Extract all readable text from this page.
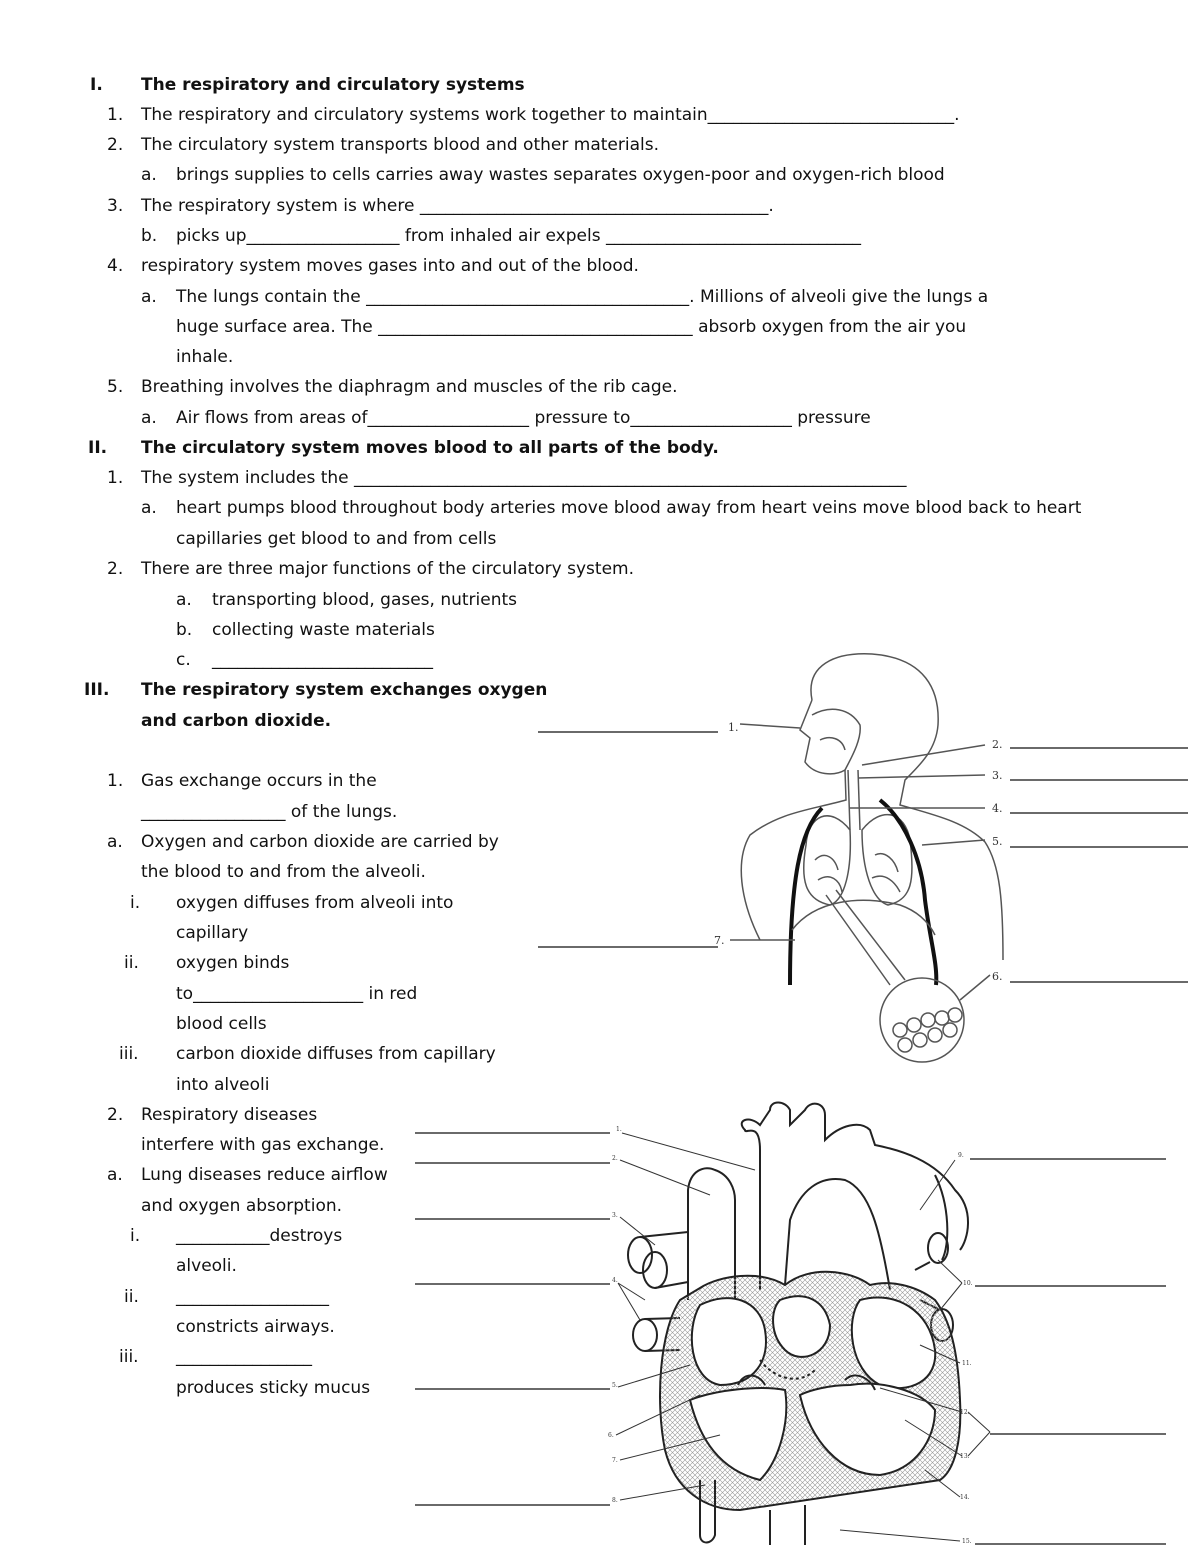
I. The respiratory and circulatory systems
1. The respiratory and circulatory systems work together to maintain_____________________________.
2. The circulatory system transports blood and other materials.
a. brings supplies to cells carries away wastes separates oxygen-poor and oxygen-rich blood
3. The respiratory system is where _________________________________________.
b. picks up__________________ from inhaled air expels ______________________________
4. respiratory system moves gases into and out of the blood.
a. The lungs contain the ______________________________________. Millions of alveoli give the lungs a
huge surface area. The _____________________________________ absorb oxygen from the air you
inhale.
5. Breathing involves the diaphragm and muscles of the rib cage.
a. Air flows from areas of___________________ pressure to___________________ pressure
II. The circulatory system moves blood to all parts of the body.
1. The system includes the _________________________________________________________________
a. heart pumps blood throughout body arteries move blood away from heart veins move blood back to heart
capillaries get blood to and from cells
2. There are three major functions of the circulatory system.
a. transporting blood, gases, nutrients
b. collecting waste materials
c. __________________________
III. The respiratory system exchanges oxygen
and carbon dioxide.
1. Gas exchange occurs in the
_________________ of the lungs.
a. Oxygen and carbon dioxide are carried by
the blood to and from the alveoli.
i. oxygen diffuses from alveoli into
capillary
ii. oxygen binds
to____________________ in red
blood cells
iii. carbon dioxide diffuses from capillary
into alveoli
2. Respiratory diseases
interfere with gas exchange.
a. Lung diseases reduce airflow
and oxygen absorption.
i. ___________destroys
alveoli.
ii. __________________
constricts airways.
iii. ________________
produces sticky mucus
1.
2.
3.
4.
5.
6.
7.
1.
2.
3.
4.
5.
6.
7.
8.
9.
10.
11.
12.
13.
14.
15.
